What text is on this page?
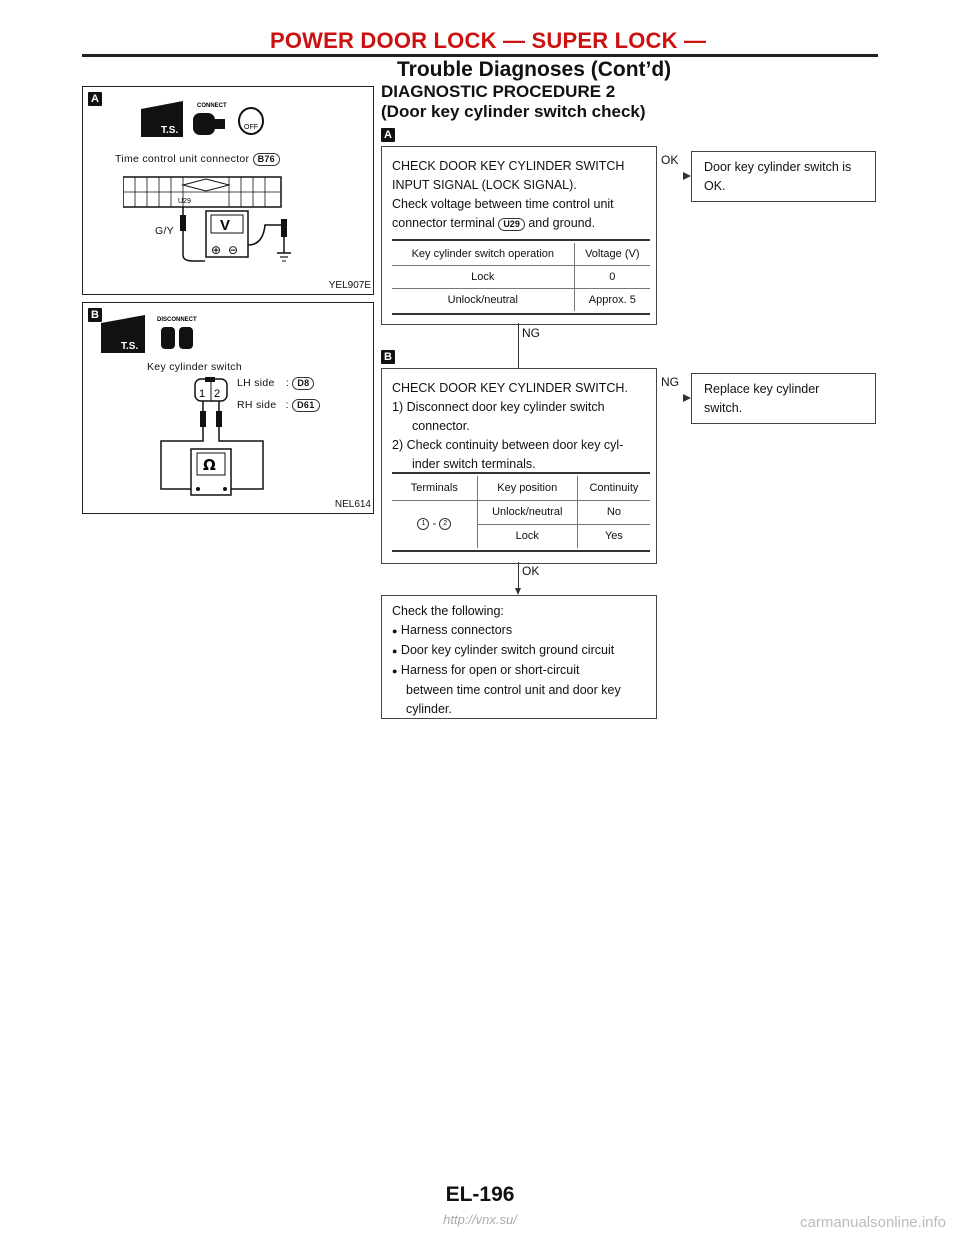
POWER DOOR LOCK — SUPER LOCK —
Trouble Diagnoses (Cont’d)
DIAGNOSTIC PROCEDURE 2
(Door key cylinder switch check)
A
T.S.
CONNECT
OFF
Time control unit connector B76
U29
V
⊕ ⊖
G/Y
YEL907E
B
T.S.
DISCONNECT
Key cylinder switch
LH side : D8
RH side : D61
1 2
Ω
NEL614
A
CHECK DOOR KEY CYLINDER SWITCH
INPUT SIGNAL (LOCK SIGNAL).
Check voltage between time control unit
connector terminal U29 and ground.
Key cylinder switch operation	Voltage (V)
Lock	0
Unlock/neutral	Approx. 5
OK Door key cylinder switch is
OK.
NG
B
CHECK DOOR KEY CYLINDER SWITCH.
1) Disconnect door key cylinder switch
connector.
2) Check continuity between door key cyl-
inder switch terminals.
Terminals	Key position	Continuity
1 - 2	Unlock/neutral	No
	Lock	Yes
NG Replace key cylinder
switch.
OK
Check the following:
● Harness connectors
● Door key cylinder switch ground circuit
● Harness for open or short-circuit
between time control unit and door key
cylinder.
EL-196
http://vnx.su/	carmanualsonline.info
